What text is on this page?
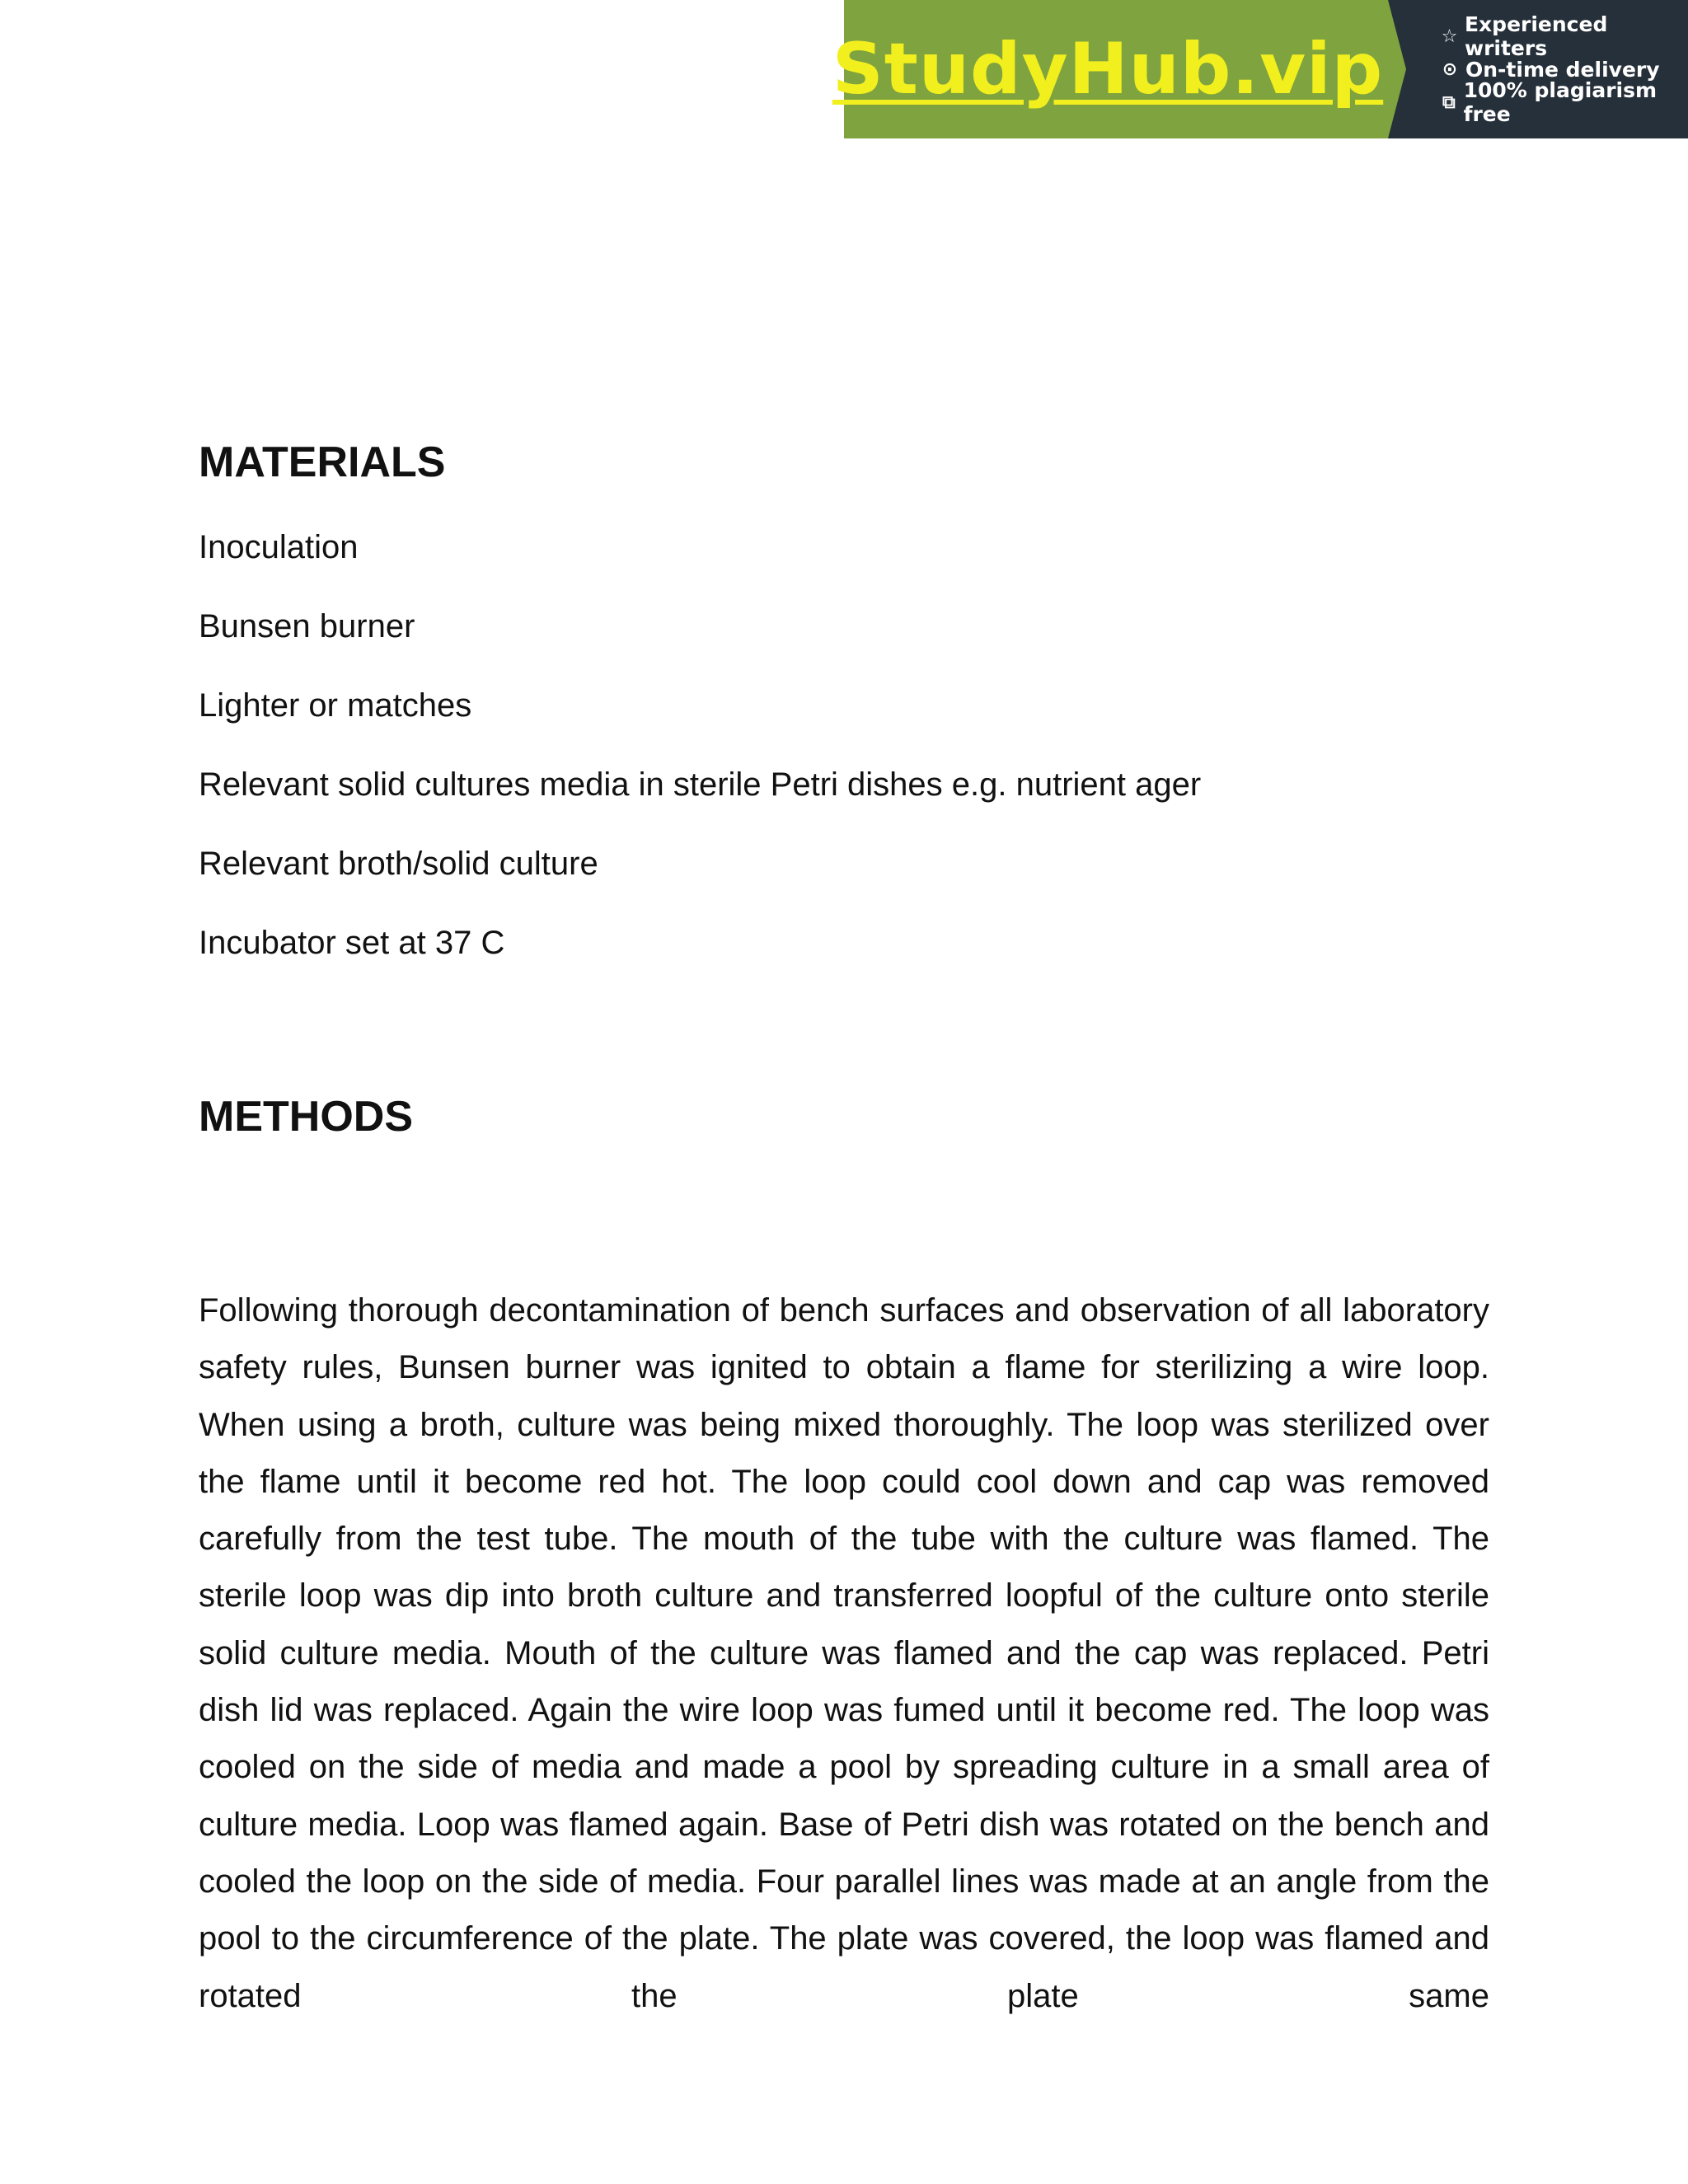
StudyHub.vip	☆ Experienced writers
⊙ On-time delivery
⧉ 100% plagiarism free
MATERIALS
Inoculation
Bunsen burner
Lighter or matches
Relevant solid cultures media in sterile Petri dishes e.g. nutrient ager
Relevant broth/solid culture
Incubator set at 37 C
METHODS

Following thorough decontamination of bench surfaces and observation of all laboratory safety rules, Bunsen burner was ignited to obtain a flame for sterilizing a wire loop. When using a broth, culture was being mixed thoroughly. The loop was sterilized over the flame until it become red hot. The loop could cool down and cap was removed carefully from the test tube. The mouth of the tube with the culture was flamed. The sterile loop was dip into broth culture and transferred loopful of the culture onto sterile solid culture media. Mouth of the culture was flamed and the cap was replaced. Petri dish lid was replaced. Again the wire loop was fumed until it become red. The loop was cooled on the side of media and made a pool by spreading culture in a small area of culture media. Loop was flamed again. Base of Petri dish was rotated on the bench and cooled the loop on the side of media. Four parallel lines was made at an angle from the pool to the circumference of the plate. The plate was covered, the loop was flamed and rotated the plate same
